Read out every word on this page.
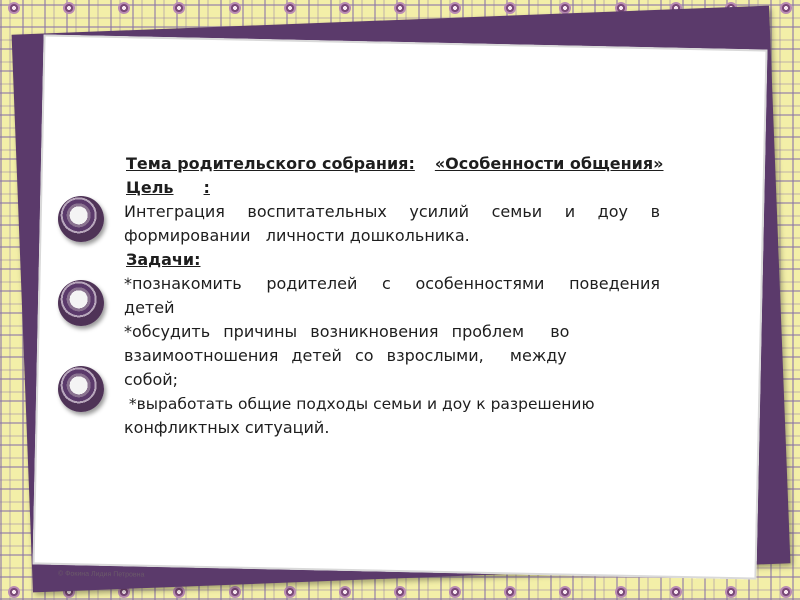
Тема родительского собрания: «Особенности общения»
Цель :
Интеграция воспитательных усилий семьи и доу в
формировании   личности дошкольника.
Задачи:
*познакомить родителей с особенностями поведения
детей
*обсудить причины возникновения проблем  во
взаимоотношения детей со взрослыми,  между
собой;
*выработать общие подходы семьи и доу к разрешению
конфликтных ситуаций.
© Фокина Лидия Петровна
